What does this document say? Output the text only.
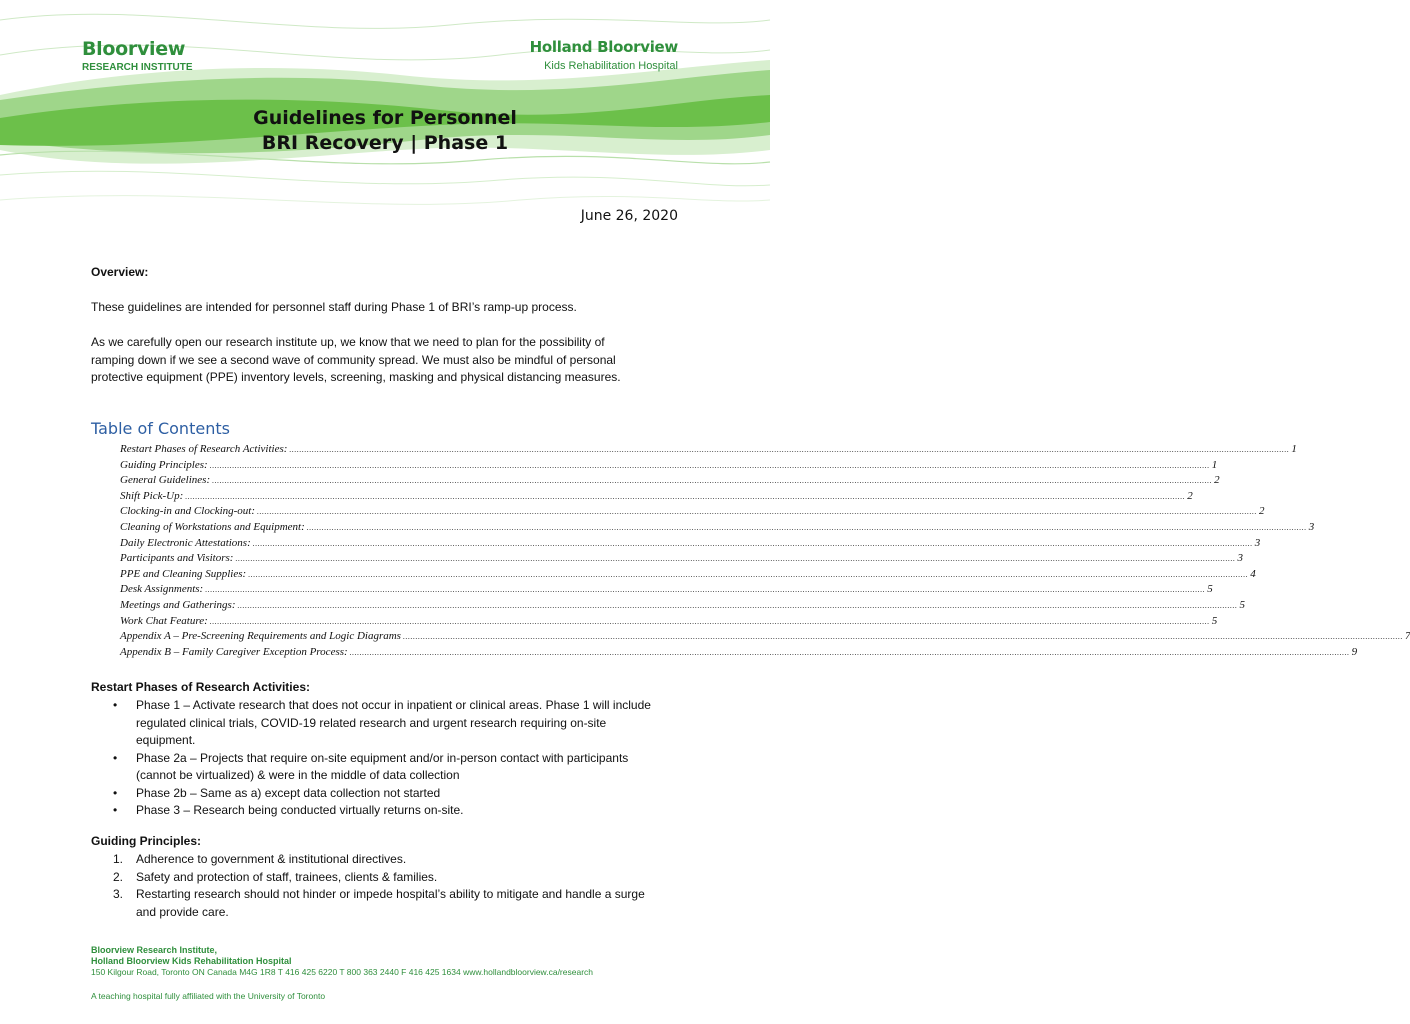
Bloorview
RESEARCH INSTITUTE
Holland Bloorview
Kids Rehabilitation Hospital
Guidelines for Personnel
BRI Recovery | Phase 1
June 26, 2020
Overview:
These guidelines are intended for personnel staff during Phase 1 of BRI’s ramp-up process.
As we carefully open our research institute up, we know that we need to plan for the possibility of
ramping down if we see a second wave of community spread. We must also be mindful of personal
protective equipment (PPE) inventory levels, screening, masking and physical distancing measures.
Table of Contents
Restart Phases of Research Activities: ................................................................................................................................................................................................................................................................................................................................................................................................................ 1
Guiding Principles: ................................................................................................................................................................................................................................................................................................................................................................................................................ 1
General Guidelines: ................................................................................................................................................................................................................................................................................................................................................................................................................ 2
Shift Pick-Up: ................................................................................................................................................................................................................................................................................................................................................................................................................ 2
Clocking-in and Clocking-out: ................................................................................................................................................................................................................................................................................................................................................................................................................ 2
Cleaning of Workstations and Equipment: ................................................................................................................................................................................................................................................................................................................................................................................................................ 3
Daily Electronic Attestations: ................................................................................................................................................................................................................................................................................................................................................................................................................ 3
Participants and Visitors: ................................................................................................................................................................................................................................................................................................................................................................................................................ 3
PPE and Cleaning Supplies: ................................................................................................................................................................................................................................................................................................................................................................................................................ 4
Desk Assignments: ................................................................................................................................................................................................................................................................................................................................................................................................................ 5
Meetings and Gatherings: ................................................................................................................................................................................................................................................................................................................................................................................................................ 5
Work Chat Feature: ................................................................................................................................................................................................................................................................................................................................................................................................................ 5
Appendix A – Pre-Screening Requirements and Logic Diagrams ................................................................................................................................................................................................................................................................................................................................................................................................................ 7
Appendix B – Family Caregiver Exception Process: ................................................................................................................................................................................................................................................................................................................................................................................................................ 9
Restart Phases of Research Activities:
• Phase 1 – Activate research that does not occur in inpatient or clinical areas. Phase 1 will include
regulated clinical trials, COVID-19 related research and urgent research requiring on-site
equipment.
• Phase 2a – Projects that require on-site equipment and/or in-person contact with participants
(cannot be virtualized) & were in the middle of data collection
• Phase 2b – Same as a) except data collection not started
• Phase 3 – Research being conducted virtually returns on-site.
Guiding Principles:
1. Adherence to government & institutional directives.
2. Safety and protection of staff, trainees, clients & families.
3. Restarting research should not hinder or impede hospital’s ability to mitigate and handle a surge
and provide care.
Bloorview Research Institute,
Holland Bloorview Kids Rehabilitation Hospital
150 Kilgour Road, Toronto ON Canada M4G 1R8 T 416 425 6220 T 800 363 2440 F 416 425 1634 www.hollandbloorview.ca/research
A teaching hospital fully affiliated with the University of Toronto
